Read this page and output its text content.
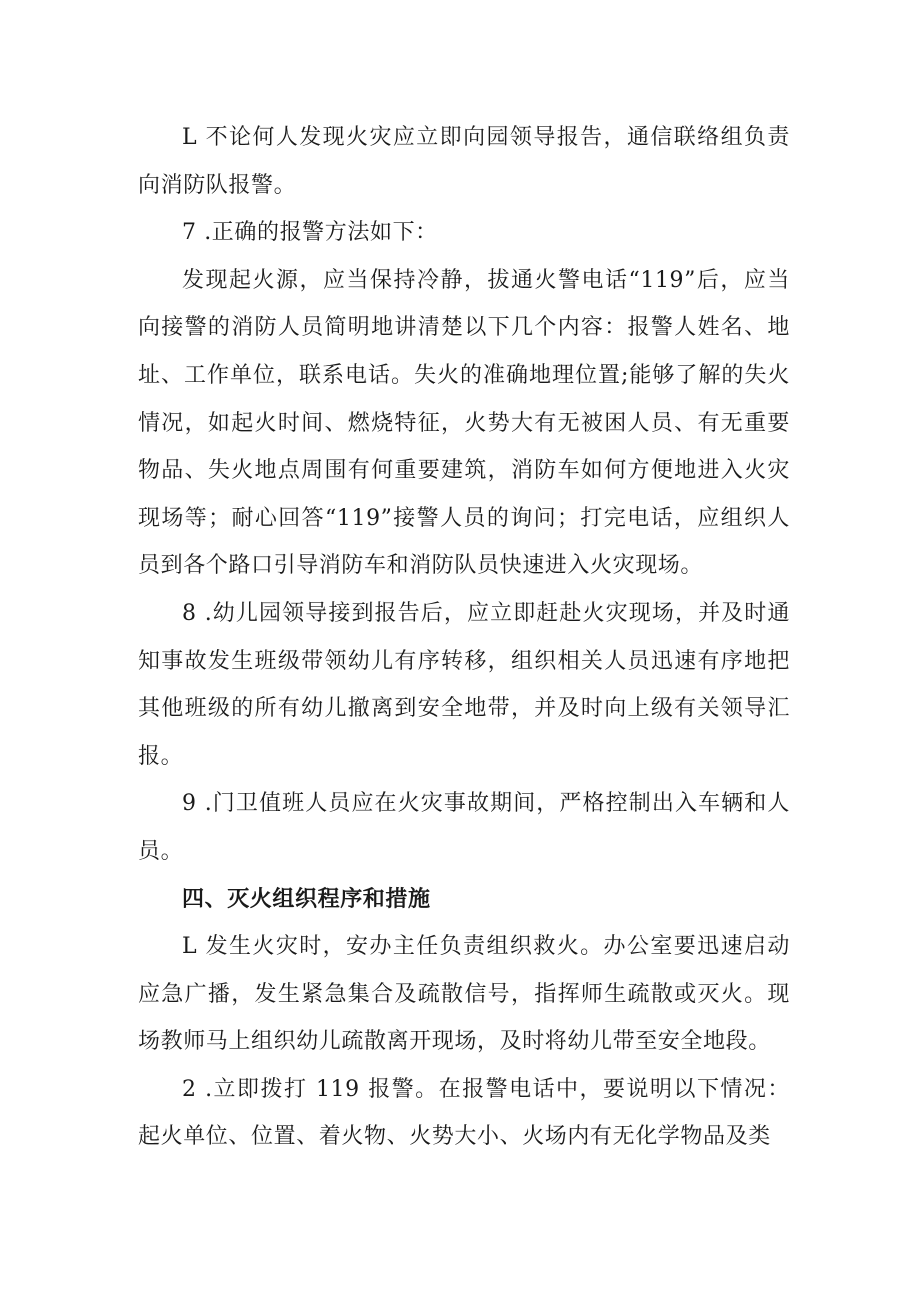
L 不论何人发现火灾应立即向园领导报告，通信联络组负责向消防队报警。

7 .正确的报警方法如下：

发现起火源，应当保持冷静，拔通火警电话“119”后，应当向接警的消防人员简明地讲清楚以下几个内容：报警人姓名、地址、工作单位，联系电话。失火的准确地理位置;能够了解的失火情况，如起火时间、燃烧特征，火势大有无被困人员、有无重要物品、失火地点周围有何重要建筑，消防车如何方便地进入火灾现场等；耐心回答“119”接警人员的询问；打完电话，应组织人员到各个路口引导消防车和消防队员快速进入火灾现场。

8 .幼儿园领导接到报告后，应立即赶赴火灾现场，并及时通知事故发生班级带领幼儿有序转移，组织相关人员迅速有序地把其他班级的所有幼儿撤离到安全地带，并及时向上级有关领导汇报。

9 .门卫值班人员应在火灾事故期间，严格控制出入车辆和人员。

四、灭火组织程序和措施

L 发生火灾时，安办主任负责组织救火。办公室要迅速启动应急广播，发生紧急集合及疏散信号，指挥师生疏散或灭火。现场教师马上组织幼儿疏散离开现场，及时将幼儿带至安全地段。

2 .立即拨打 119 报警。在报警电话中，要说明以下情况：起火单位、位置、着火物、火势大小、火场内有无化学物品及类
